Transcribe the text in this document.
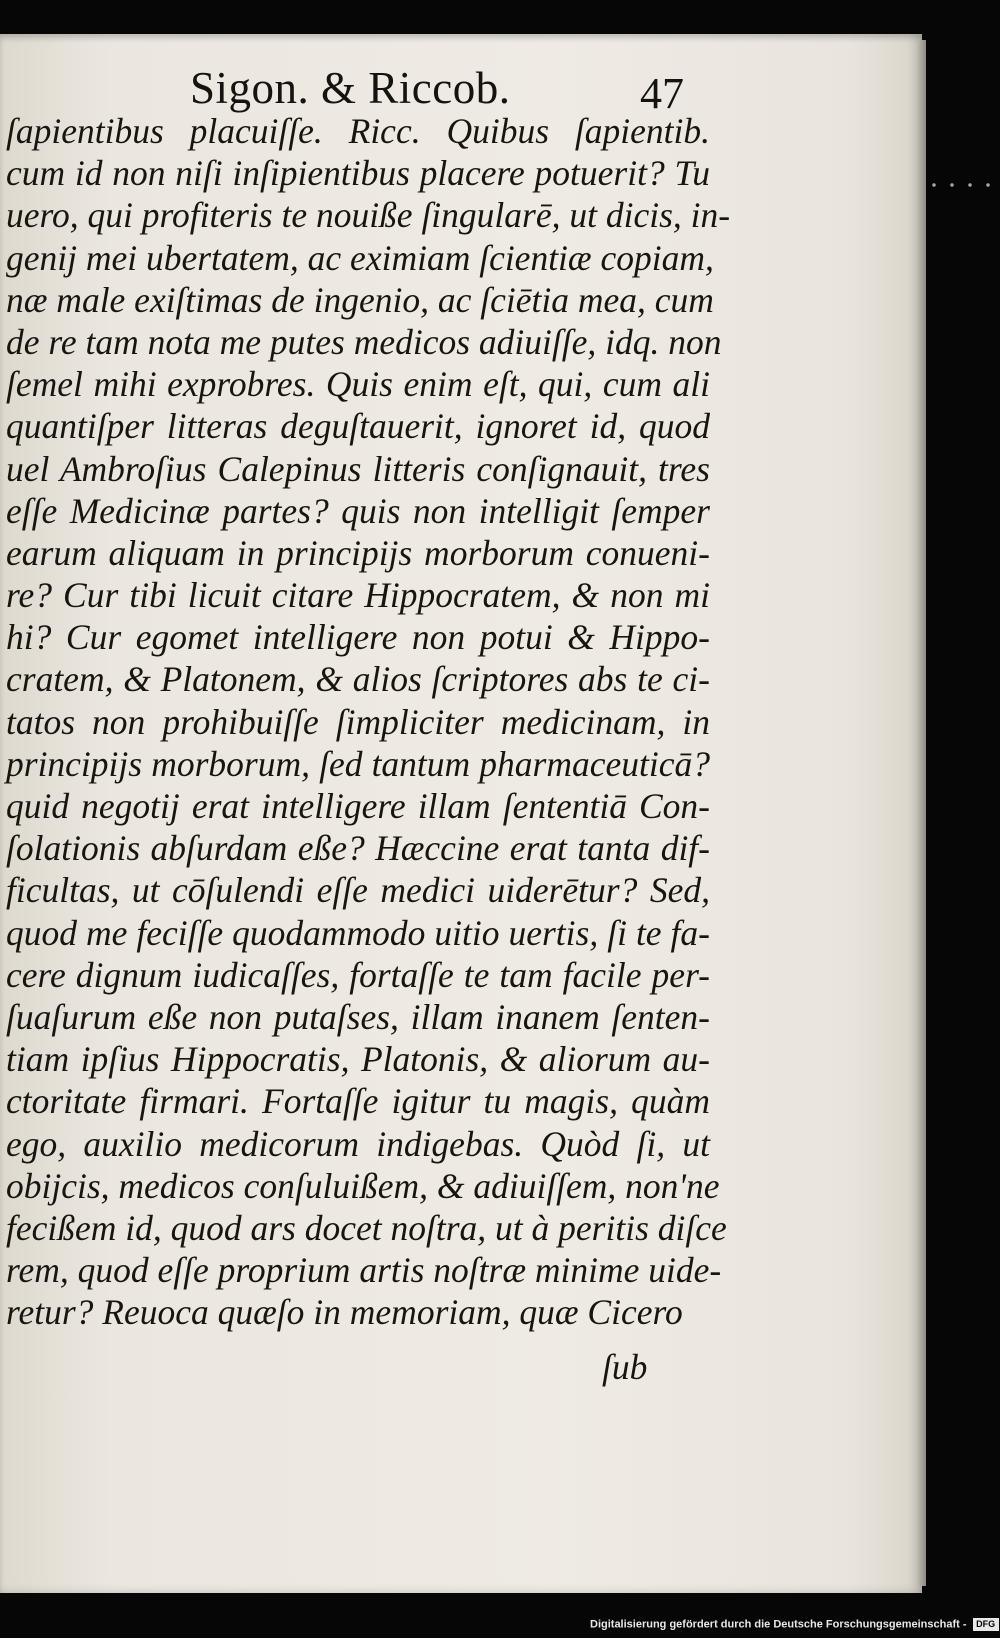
Sigon. & Riccob.	47
ſapientibus placuiſſe. Ricc. Quibus ſapientib.
cum id non niſi inſipientibus placere potuerit? Tu
uero, qui profiteris te nouiße ſingularē, ut dicis, in-
genij mei ubertatem, ac eximiam ſcientiæ copiam,
næ male exiſtimas de ingenio, ac ſciētia mea, cum
de re tam nota me putes medicos adiuiſſe, idq. non
ſemel mihi exprobres. Quis enim eſt, qui, cum ali
quantiſper litteras deguſtauerit, ignoret id, quod
uel Ambroſius Calepinus litteris conſignauit, tres
eſſe Medicinæ partes? quis non intelligit ſemper
earum aliquam in principijs morborum conueni-
re? Cur tibi licuit citare Hippocratem, & non mi
hi? Cur egomet intelligere non potui & Hippo-
cratem, & Platonem, & alios ſcriptores abs te ci-
tatos non prohibuiſſe ſimpliciter medicinam, in
principijs morborum, ſed tantum pharmaceuticā?
quid negotij erat intelligere illam ſententiā Con-
ſolationis abſurdam eße? Hæccine erat tanta dif-
ficultas, ut cōſulendi eſſe medici uiderētur? Sed,
quod me feciſſe quodammodo uitio uertis, ſi te fa-
cere dignum iudicaſſes, fortaſſe te tam facile per-
ſuaſurum eße non putaſses, illam inanem ſenten-
tiam ipſius Hippocratis, Platonis, & aliorum au-
ctoritate firmari. Fortaſſe igitur tu magis, quàm
ego, auxilio medicorum indigebas. Quòd ſi, ut
obijcis, medicos conſuluißem, & adiuiſſem, non'ne
fecißem id, quod ars docet noſtra, ut à peritis diſce
rem, quod eſſe proprium artis noſtræ minime uide-
retur? Reuoca quæſo in memoriam, quæ Cicero
ſub
Digitalisierung gefördert durch die Deutsche Forschungsgemeinschaft - DFG
